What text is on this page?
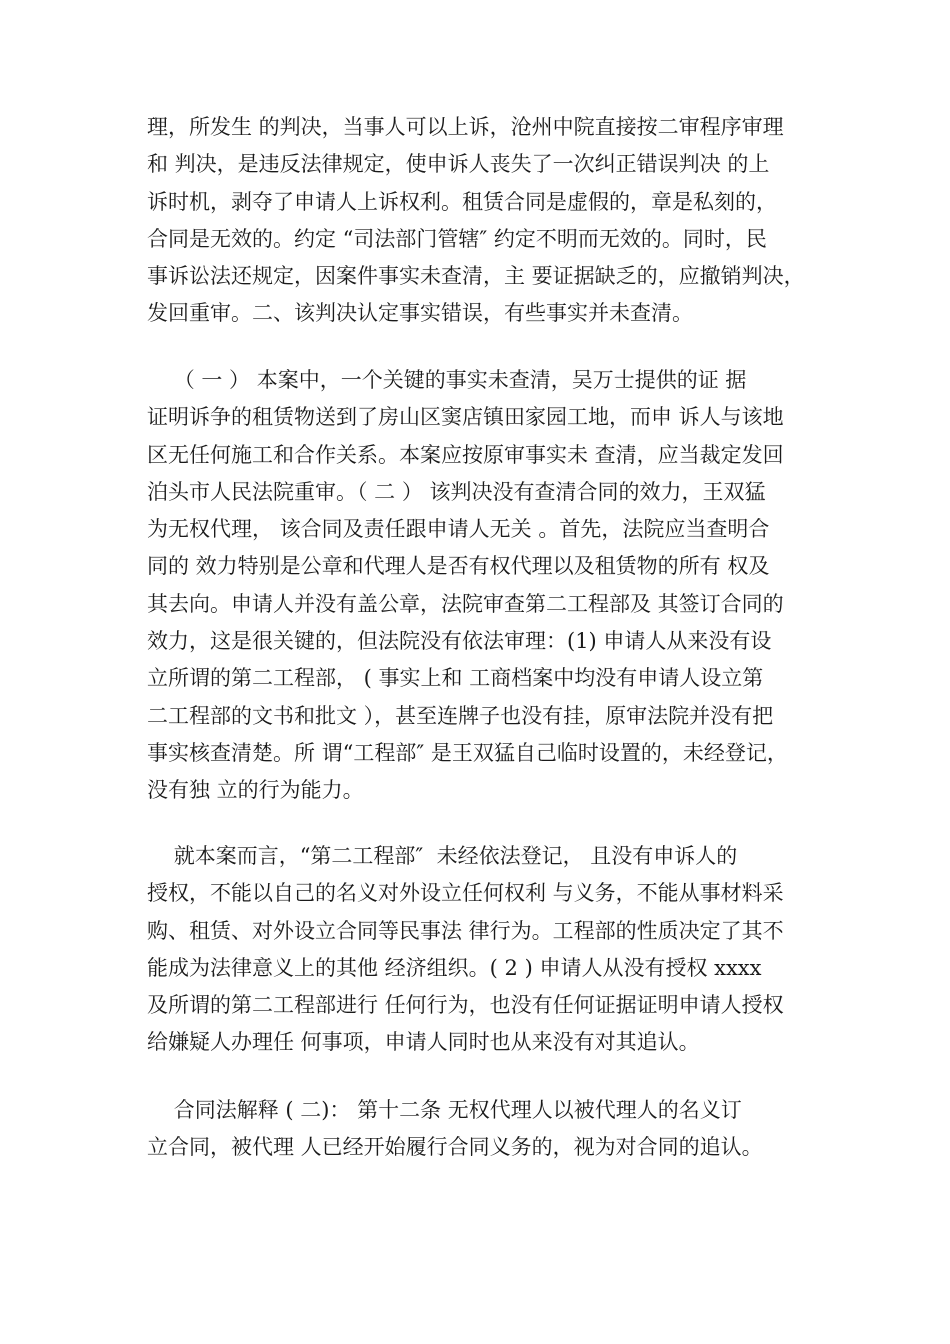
理，所发生 的判决，当事人可以上诉，沧州中院直接按二审程序审理
和 判决，是违反法律规定，使申诉人丧失了一次纠正错误判决 的上
诉时机，剥夺了申请人上诉权利。租赁合同是虚假的，章是私刻的，
合同是无效的。约定 “司法部门管辖″ 约定不明而无效的。同时，民
事诉讼法还规定，因案件事实未查清，主 要证据缺乏的，应撤销判决，
发回重审。二、该判决认定事实错误，有些事实并未查清。
（ 一 ） 本案中，一个关键的事实未查清，吴万士提供的证 据
证明诉争的租赁物送到了房山区窦店镇田家园工地，而申 诉人与该地
区无任何施工和合作关系。本案应按原审事实未 查清，应当裁定发回
泊头市人民法院重审。（ 二 ） 该判决没有查清合同的效力，王双猛
为无权代理， 该合同及责任跟申请人无关 。首先，法院应当查明合
同的 效力特别是公章和代理人是否有权代理以及租赁物的所有 权及
其去向。申请人并没有盖公章，法院审查第二工程部及 其签订合同的
效力，这是很关键的，但法院没有依法审理：(1) 申请人从来没有设
立所谓的第二工程部， ( 事实上和 工商档案中均没有申请人设立第
二工程部的文书和批文 ），甚至连牌子也没有挂，原审法院并没有把
事实核查清楚。所 谓“工程部″ 是王双猛自己临时设置的，未经登记，
没有独 立的行为能力。
就本案而言，“第二工程部″  未经依法登记， 且没有申诉人的
授权，不能以自己的名义对外设立任何权利 与义务，不能从事材料采
购、租赁、对外设立合同等民事法 律行为。工程部的性质决定了其不
能成为法律意义上的其他 经济组织。( 2 ) 申请人从没有授权 xxxx
及所谓的第二工程部进行 任何行为，也没有任何证据证明申请人授权
给嫌疑人办理任 何事项，申请人同时也从来没有对其追认。
合同法解释 ( 二)： 第十二条 无权代理人以被代理人的名义订
立合同，被代理 人已经开始履行合同义务的，视为对合同的追认。
